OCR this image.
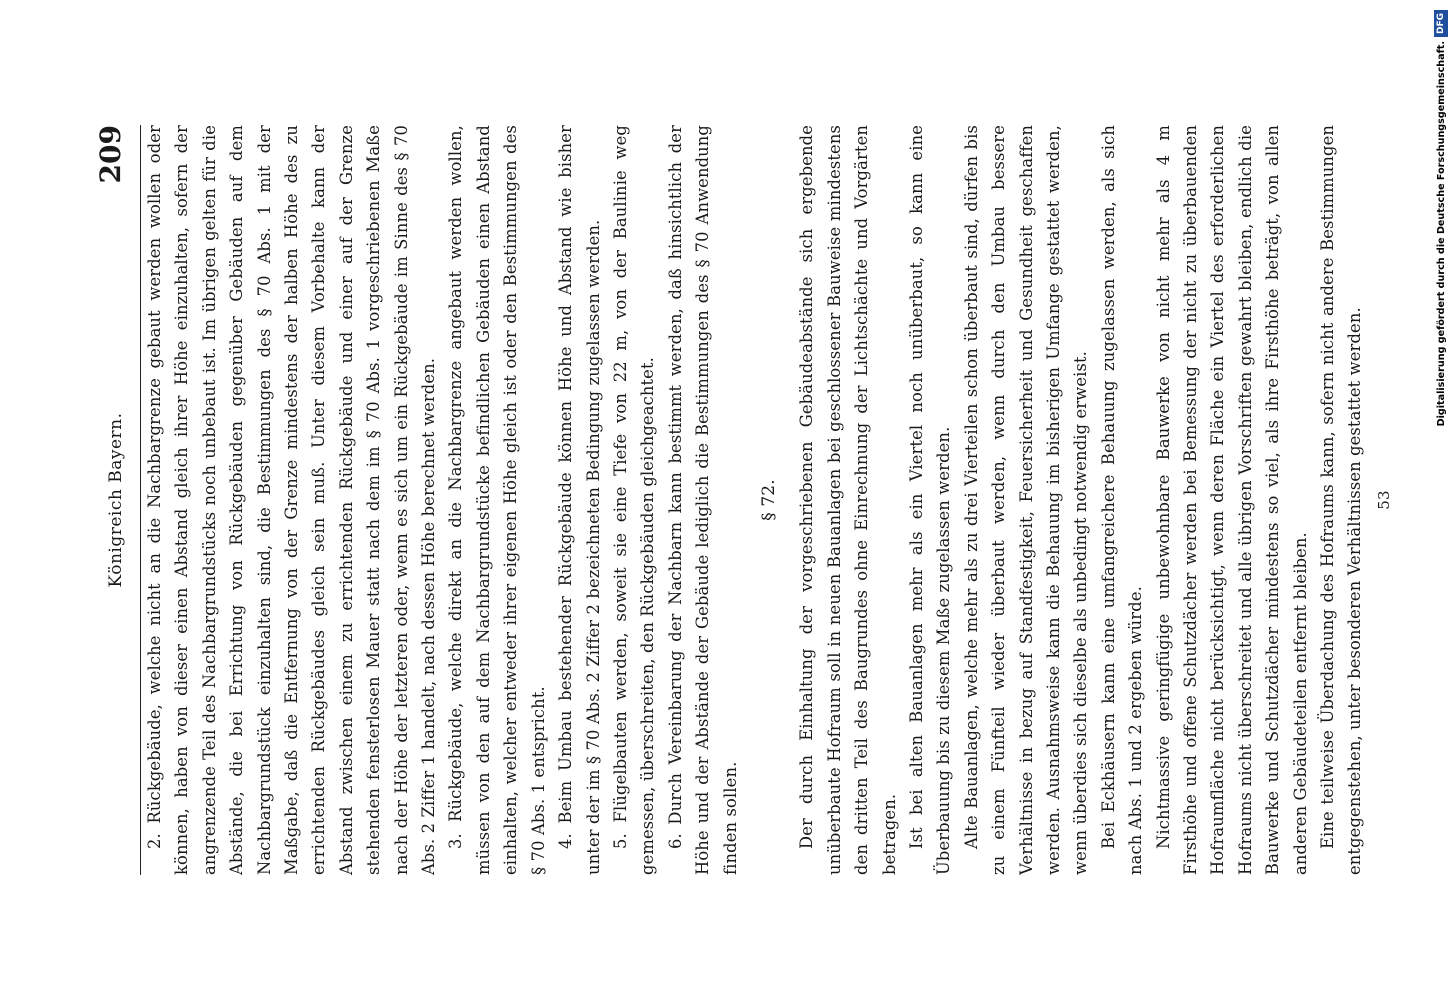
Königreich Bayern.
209 2. Rückgebäude, welche nicht an die Nachbargrenze gebaut werden wollen oder können, haben von dieser einen Abstand gleich ihrer Höhe einzuhalten, sofern der angrenzende Teil des Nachbargrundstücks noch unbebaut ist. Im übrigen gelten für die Abstände, die bei Errichtung von Rückgebäuden gegenüber Gebäuden auf dem Nachbargrundstück einzuhalten sind, die Bestimmungen des § 70 Abs. 1 mit der Maßgabe, daß die Entfernung von der Grenze mindestens der halben Höhe des zu errichtenden Rückgebäudes gleich sein muß. Unter diesem Vorbehalte kann der Abstand zwischen einem zu errichtenden Rückgebäude und einer auf der Grenze stehenden fensterlosen Mauer statt nach dem im § 70 Abs. 1 vorgeschriebenen Maße nach der Höhe der letzteren oder, wenn es sich um ein Rückgebäude im Sinne des § 70 Abs. 2 Ziffer 1 handelt, nach dessen Höhe berechnet werden. 3. Rückgebäude, welche direkt an die Nachbargrenze angebaut werden wollen, müssen von den auf dem Nachbargrundstücke befindlichen Gebäuden einen Abstand einhalten, welcher entweder ihrer eigenen Höhe gleich ist oder den Bestimmungen des § 70 Abs. 1 entspricht. 4. Beim Umbau bestehender Rückgebäude können Höhe und Abstand wie bisher unter der im § 70 Abs. 2 Ziffer 2 bezeichneten Bedingung zugelassen werden. 5. Flügelbauten werden, soweit sie eine Tiefe von 22 m, von der Baulinie weg gemessen, überschreiten, den Rückgebäuden gleichgeachtet. 6. Durch Vereinbarung der Nachbarn kann bestimmt werden, daß hinsichtlich der Höhe und der Abstände der Gebäude lediglich die Bestimmungen des § 70 Anwendung finden sollen.

§ 72. Der durch Einhaltung der vorgeschriebenen Gebäudeabstände sich ergebende unüberbaute Hofraum soll in neuen Bauanlagen bei geschlossener Bauweise mindestens den dritten Teil des Baugrundes ohne Einrechnung der Lichtschächte und Vorgärten betragen. Ist bei alten Bauanlagen mehr als ein Viertel noch unüberbaut, so kann eine Überbauung bis zu diesem Maße zugelassen werden. Alte Bauanlagen, welche mehr als zu drei Vierteilen schon überbaut sind, dürfen bis zu einem Fünfteil wieder überbaut werden, wenn durch den Umbau bessere Verhältnisse in bezug auf Standfestigkeit, Feuersicherheit und Gesundheit geschaffen werden. Ausnahmsweise kann die Behauung im bisherigen Umfange gestattet werden, wenn überdies sich dieselbe als unbedingt notwendig erweist. Bei Eckhäusern kann eine umfangreichere Behauung zugelassen werden, als sich nach Abs. 1 und 2 ergeben würde. Nichtmassive geringfügige unbewohnbare Bauwerke von nicht mehr als 4 m Firsthöhe und offene Schutzdächer werden bei Bemessung der nicht zu überbauenden Hofraumfläche nicht berücksichtigt, wenn deren Fläche ein Viertel des erforderlichen Hofraums nicht überschreitet und alle übrigen Vorschriften gewahrt bleiben, endlich die Bauwerke und Schutzdächer mindestens so viel, als ihre Firsthöhe beträgt, von allen anderen Gebäudeteilen entfernt bleiben. Eine teilweise Überdachung des Hofraums kann, sofern nicht andere Bestimmungen entgegenstehen, unter besonderen Verhältnissen gestattet werden. 53
Digitalisierung gefördert durch die Deutsche Forschungsgemeinschaft.
DFG
